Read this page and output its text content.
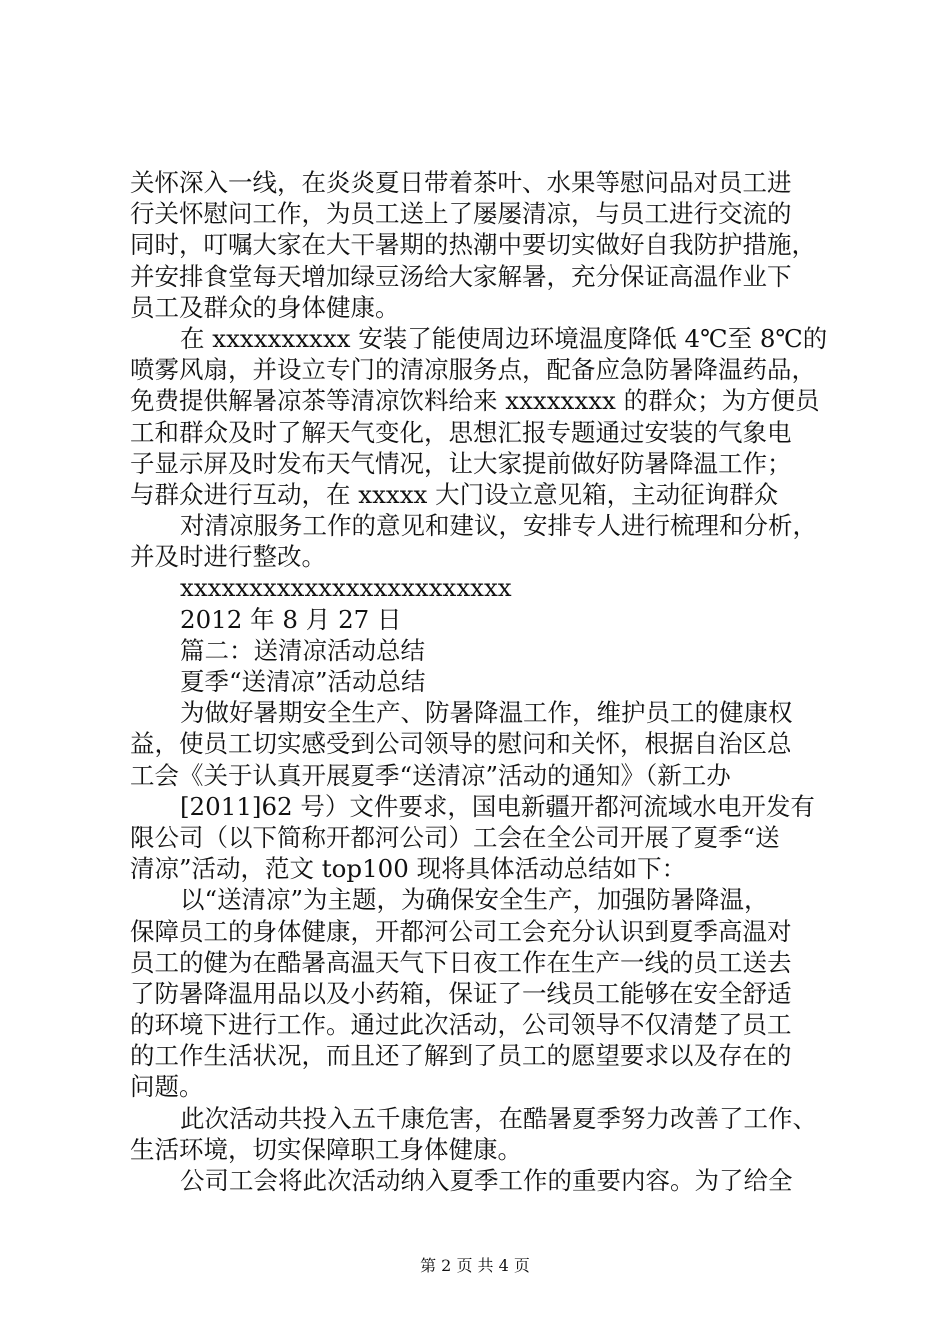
关怀深入一线，在炎炎夏日带着茶叶、水果等慰问品对员工进
行关怀慰问工作，为员工送上了屡屡清凉，与员工进行交流的
同时，叮嘱大家在大干暑期的热潮中要切实做好自我防护措施，
并安排食堂每天增加绿豆汤给大家解暑，充分保证高温作业下
员工及群众的身体健康。
在 xxxxxxxxxx 安装了能使周边环境温度降低 4℃至 8℃的
喷雾风扇，并设立专门的清凉服务点，配备应急防暑降温药品，
免费提供解暑凉茶等清凉饮料给来 xxxxxxxx 的群众；为方便员
工和群众及时了解天气变化，思想汇报专题通过安装的气象电
子显示屏及时发布天气情况，让大家提前做好防暑降温工作；
与群众进行互动，在 xxxxx 大门设立意见箱，主动征询群众
对清凉服务工作的意见和建议，安排专人进行梳理和分析，
并及时进行整改。
xxxxxxxxxxxxxxxxxxxxxxxx
2012 年 8 月 27 日
篇二：送清凉活动总结
夏季“送清凉”活动总结
为做好暑期安全生产、防暑降温工作，维护员工的健康权
益，使员工切实感受到公司领导的慰问和关怀，根据自治区总
工会《关于认真开展夏季“送清凉”活动的通知》（新工办
[2011]62 号）文件要求，国电新疆开都河流域水电开发有
限公司（以下简称开都河公司）工会在全公司开展了夏季“送
清凉”活动，范文 top100 现将具体活动总结如下：
以“送清凉”为主题，为确保安全生产，加强防暑降温，
保障员工的身体健康，开都河公司工会充分认识到夏季高温对
员工的健为在酷暑高温天气下日夜工作在生产一线的员工送去
了防暑降温用品以及小药箱，保证了一线员工能够在安全舒适
的环境下进行工作。通过此次活动，公司领导不仅清楚了员工
的工作生活状况，而且还了解到了员工的愿望要求以及存在的
问题。
此次活动共投入五千康危害，在酷暑夏季努力改善了工作、
生活环境，切实保障职工身体健康。
公司工会将此次活动纳入夏季工作的重要内容。为了给全
第 2 页 共 4 页
